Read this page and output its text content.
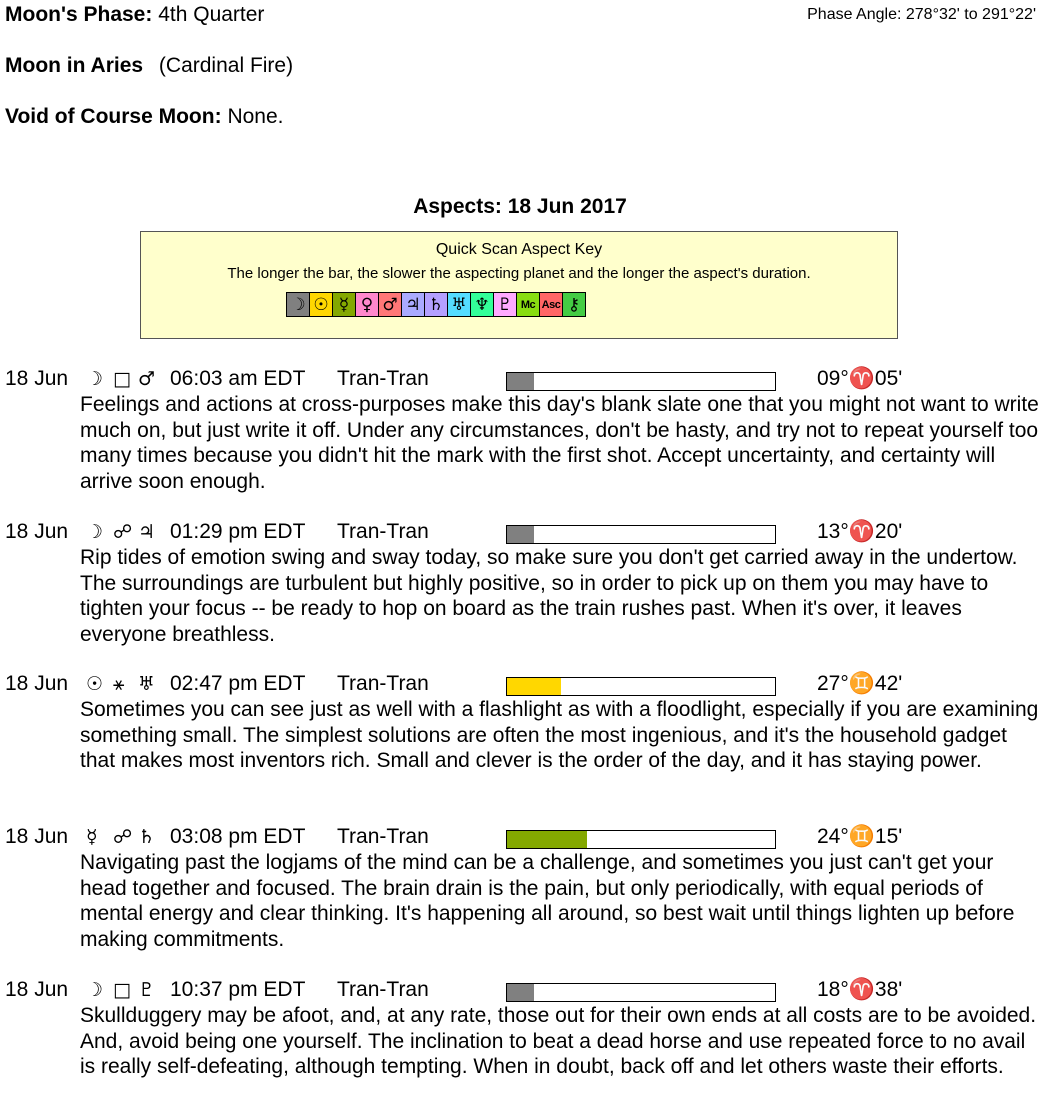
Moon's Phase: 4th Quarter	Phase Angle: 278°32' to 291°22'
Moon in Aries (Cardinal Fire)
Void of Course Moon: None.
Aspects: 18 Jun 2017
Quick Scan Aspect Key
The longer the bar, the slower the aspecting planet and the longer the aspect's duration.
☽ ☉ ☿ ♀ ♂ ♃ ♄ ♅ ♆ ♇ Mc Asc ⚷
18 Jun ☽ □ ♂ 06:03 am EDT Tran-Tran	09°♈05'
Feelings and actions at cross-purposes make this day's blank slate one that you might not want to write much on, but just write it off. Under any circumstances, don't be hasty, and try not to repeat yourself too many times because you didn't hit the mark with the first shot. Accept uncertainty, and certainty will arrive soon enough.
18 Jun ☽ ☍ ♃ 01:29 pm EDT Tran-Tran	13°♈20'
Rip tides of emotion swing and sway today, so make sure you don't get carried away in the undertow. The surroundings are turbulent but highly positive, so in order to pick up on them you may have to tighten your focus -- be ready to hop on board as the train rushes past. When it's over, it leaves everyone breathless.
18 Jun ☉ ⚹ ♅ 02:47 pm EDT Tran-Tran	27°♊42'
Sometimes you can see just as well with a flashlight as with a floodlight, especially if you are examining something small. The simplest solutions are often the most ingenious, and it's the household gadget that makes most inventors rich. Small and clever is the order of the day, and it has staying power.
18 Jun ☿ ☍ ♄ 03:08 pm EDT Tran-Tran	24°♊15'
Navigating past the logjams of the mind can be a challenge, and sometimes you just can't get your head together and focused. The brain drain is the pain, but only periodically, with equal periods of mental energy and clear thinking. It's happening all around, so best wait until things lighten up before making commitments.
18 Jun ☽ □ ♇ 10:37 pm EDT Tran-Tran	18°♈38'
Skullduggery may be afoot, and, at any rate, those out for their own ends at all costs are to be avoided. And, avoid being one yourself. The inclination to beat a dead horse and use repeated force to no avail is really self-defeating, although tempting. When in doubt, back off and let others waste their efforts.
